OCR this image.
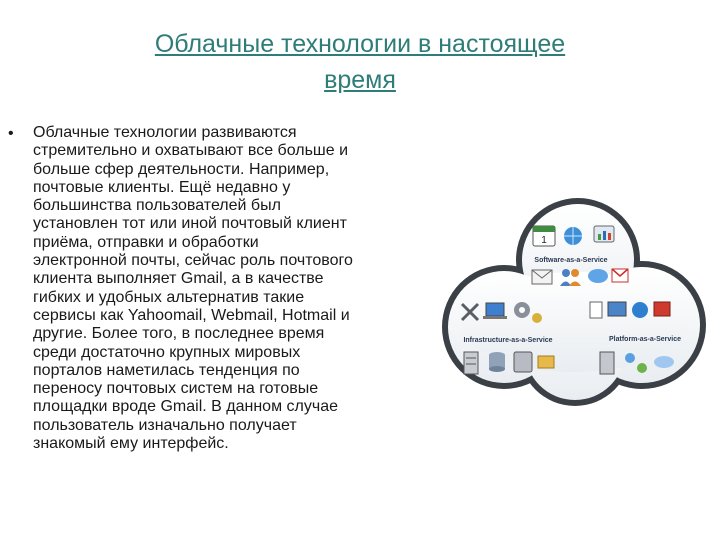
Облачные технологии в настоящее
время
• Облачные технологии развиваются
стремительно и охватывают все больше и
больше сфер деятельности. Например,
почтовые клиенты. Ещё недавно у
большинства пользователей был
установлен тот или иной почтовый клиент
приёма, отправки и обработки
электронной почты, сейчас роль почтового
клиента выполняет Gmail, а в качестве
гибких и удобных альтернатив такие
сервисы как Yahoomail, Webmail, Hotmail и
другие. Более того, в последнее время
среди достаточно крупных мировых
порталов наметилась тенденция по
переносу почтовых систем на готовые
площадки вроде Gmail. В данном случае
пользователь изначально получает
знакомый ему интерфейс.
1
Software-as-a-Service
Infrastructure-as-a-Service	Platform-as-a-Service
